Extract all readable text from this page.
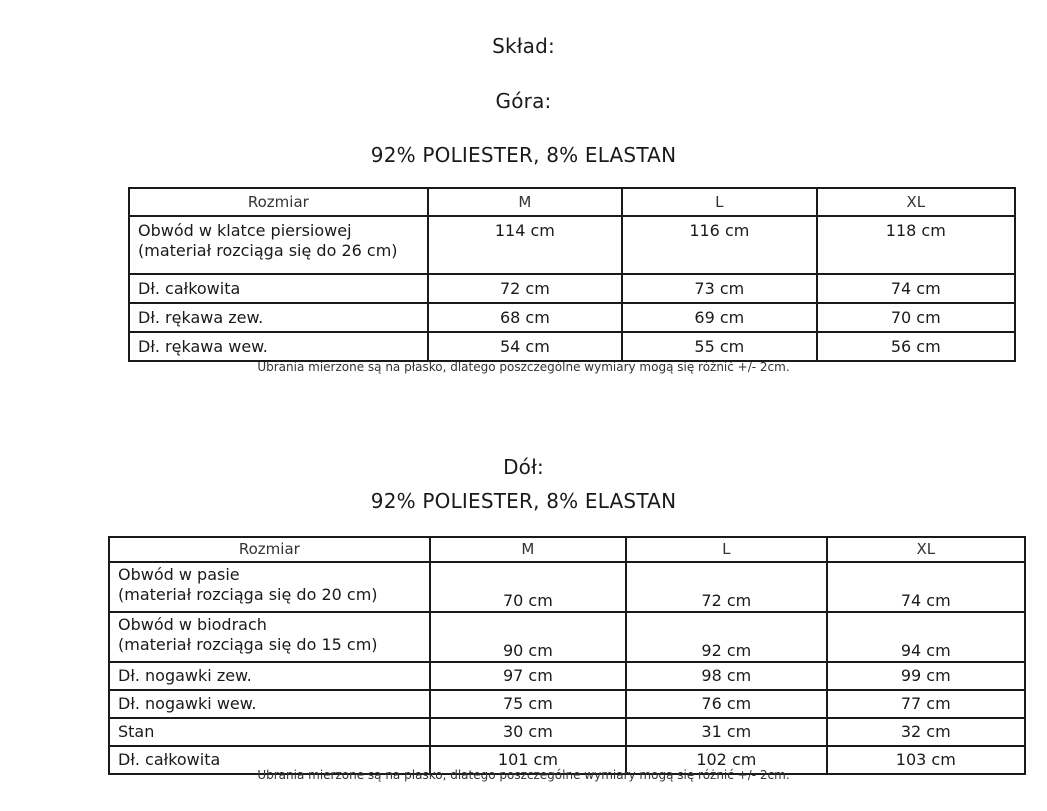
Skład:
Góra:
92% POLIESTER, 8% ELASTAN
Rozmiar	M	L	XL

Obwód w klatce piersiowej
(materiał rozciąga się do 26 cm)	114 cm	116 cm	118 cm
Dł. całkowita	72 cm	73 cm	74 cm
Dł. rękawa zew.	68 cm	69 cm	70 cm
Dł. rękawa wew.	54 cm	55 cm	56 cm
Ubrania mierzone są na płasko, dlatego poszczególne wymiary mogą się różnić +/- 2cm.
Dół:
92% POLIESTER, 8% ELASTAN
Rozmiar	M	L	XL

Obwód w pasie
(materiał rozciąga się do 20 cm)	70 cm	72 cm	74 cm

Obwód w biodrach
(materiał rozciąga się do 15 cm)	90 cm	92 cm	94 cm
Dł. nogawki zew.	97 cm	98 cm	99 cm
Dł. nogawki wew.	75 cm	76 cm	77 cm
Stan	30 cm	31 cm	32 cm
Dł. całkowita	101 cm	102 cm	103 cm
Ubrania mierzone są na płasko, dlatego poszczególne wymiary mogą się różnić +/- 2cm.
